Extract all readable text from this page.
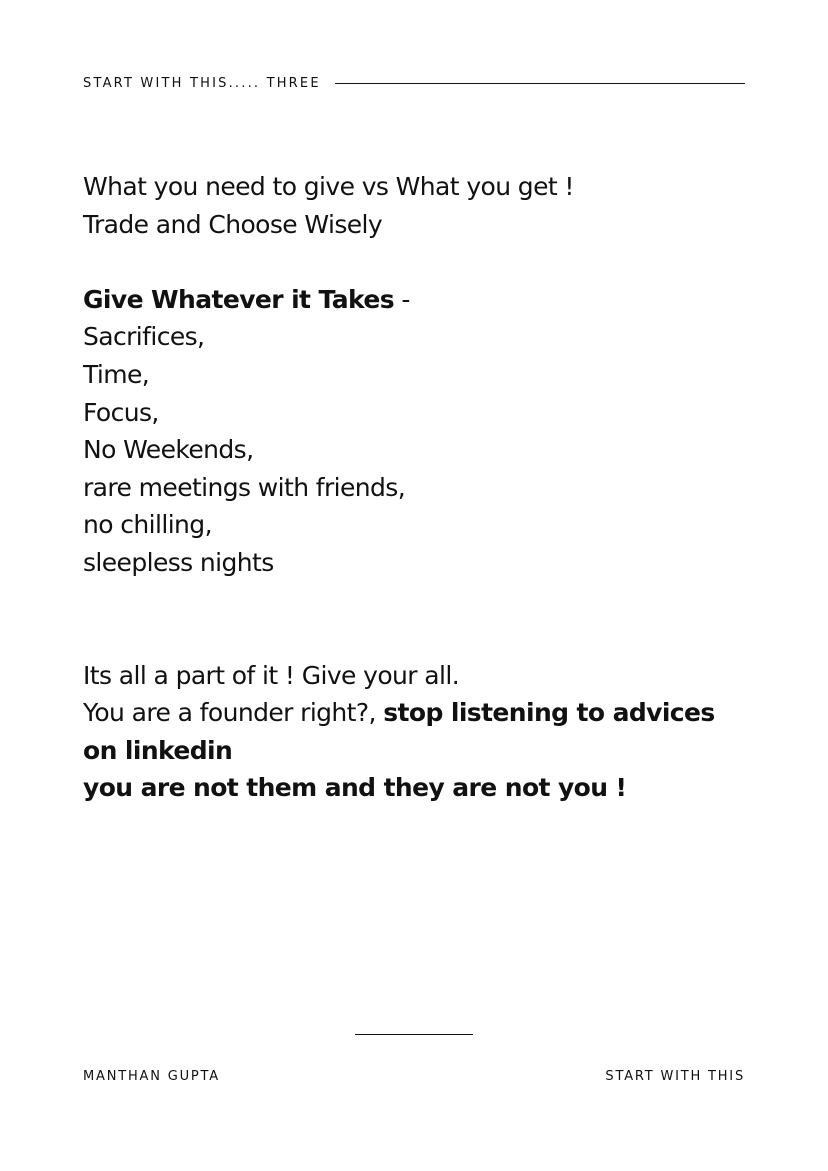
START WITH THIS..... THREE
What you need to give vs What you get !
Trade and Choose Wisely
Give Whatever it Takes -
Sacrifices,
Time,
Focus,
No Weekends,
rare meetings with friends,
no chilling,
sleepless nights
Its all a part of it ! Give your all.
You are a founder right?, stop listening to advices
on linkedin
you are not them and they are not you !
MANTHAN GUPTA	START WITH THIS
